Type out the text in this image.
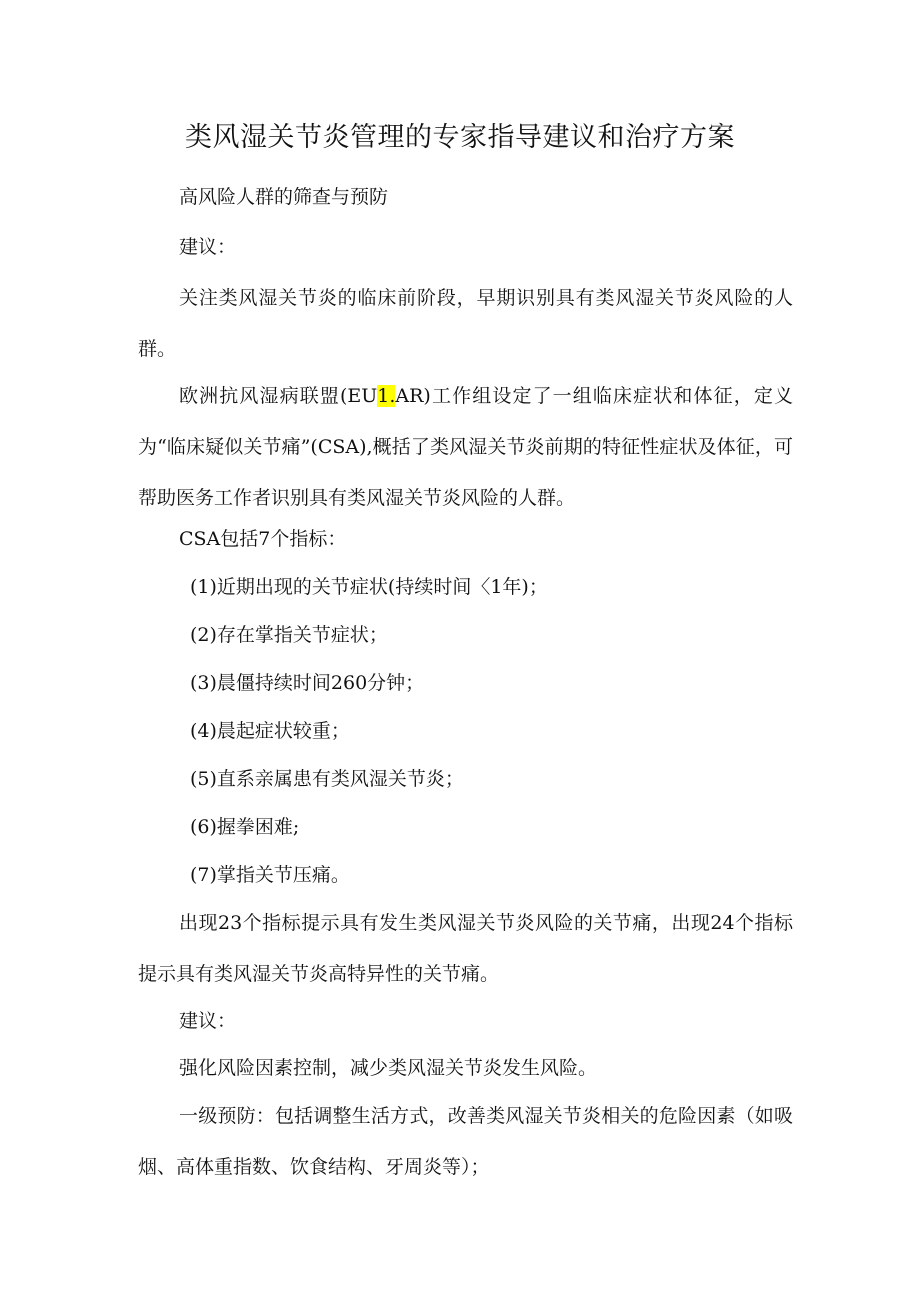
类风湿关节炎管理的专家指导建议和治疗方案

高风险人群的筛查与预防

建议：

关注类风湿关节炎的临床前阶段，早期识别具有类风湿关节炎风险的人群。

欧洲抗风湿病联盟(EU1.AR)工作组设定了一组临床症状和体征，定义为“临床疑似关节痛”(CSA),概括了类风湿关节炎前期的特征性症状及体征，可帮助医务工作者识别具有类风湿关节炎风险的人群。

CSA包括7个指标：

(1)近期出现的关节症状(持续时间〈1年)；

(2)存在掌指关节症状；

(3)晨僵持续时间260分钟；

(4)晨起症状较重；

(5)直系亲属患有类风湿关节炎；

(6)握拳困难;

(7)掌指关节压痛。

出现23个指标提示具有发生类风湿关节炎风险的关节痛，出现24个指标提示具有类风湿关节炎高特异性的关节痛。

建议：

强化风险因素控制，减少类风湿关节炎发生风险。

一级预防：包括调整生活方式，改善类风湿关节炎相关的危险因素（如吸烟、高体重指数、饮食结构、牙周炎等）；
